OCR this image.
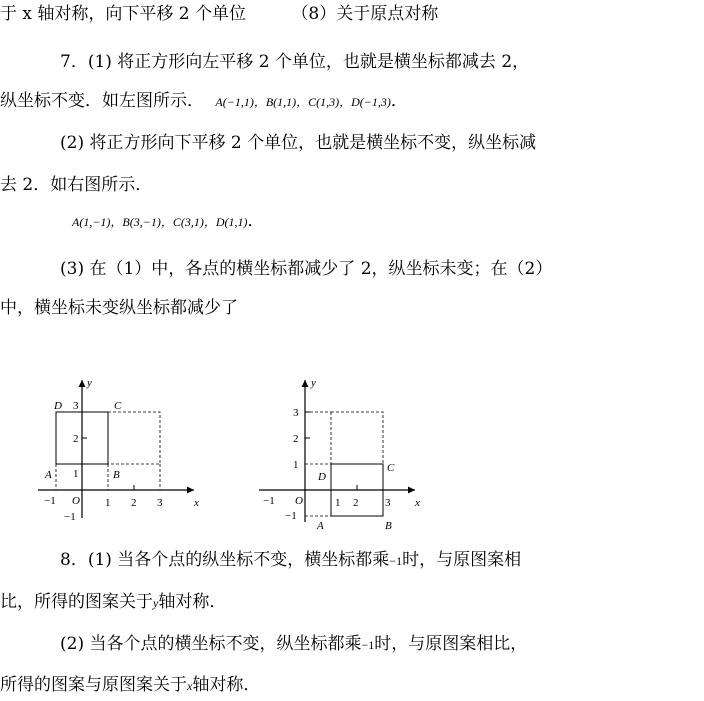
于 x 轴对称，向下平移 2 个单位	（8）关于原点对称
7．(1) 将正方形向左平移 2 个单位，也就是横坐标都减去 2，
纵坐标不变．如左图所示． A(−1,1)，B(1,1)，C(1,3)，D(−1,3)．
(2) 将正方形向下平移 2 个单位，也就是横坐标不变，纵坐标减
去 2．如右图所示．
A(1,−1)，B(3,−1)，C(3,1)，D(1,1)．
(3) 在（1）中，各点的横坐标都减少了 2，纵坐标未变；在（2）
中，横坐标未变纵坐标都减少了
y
x
O
−1	1 2 3
3
2
1
−1
A	B
C
D
y
x
O
−1	1 2 3
3
2
1
−1
A	B
C
D
8．(1) 当各个点的纵坐标不变，横坐标都乘−1时，与原图案相
比，所得的图案关于y轴对称．
(2) 当各个点的横坐标不变，纵坐标都乘−1时，与原图案相比，
所得的图案与原图案关于x轴对称．
